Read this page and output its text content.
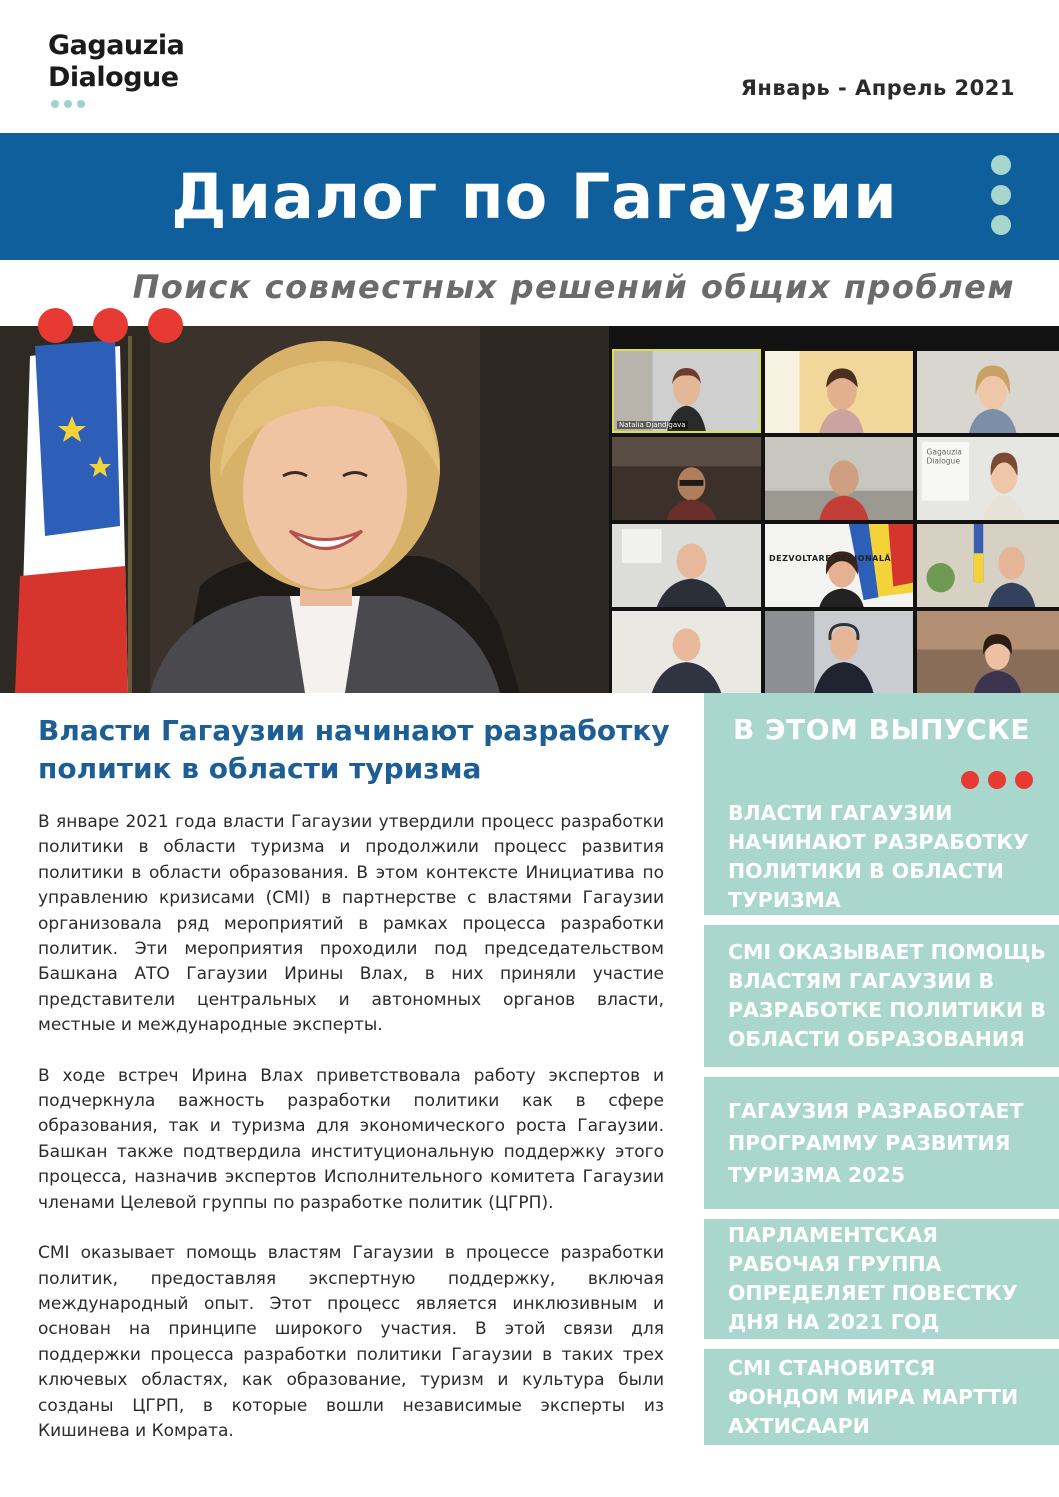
Gagauzia
Dialogue	Январь - Апрель 2021
Диалог по Гагаузии
Поиск совместных решений общих проблем
Natalia Djandjgava
Gagauzia
Dialogue
DEZVOLTARE REGIONALĂ
Власти Гагаузии начинают разработку политик в области туризма

В январе 2021 года власти Гагаузии утвердили процесс разработки политики в области туризма и продолжили процесс развития политики в области образования. В этом контексте Инициатива по управлению кризисами (CMI) в партнерстве с властями Гагаузии организовала ряд мероприятий в рамках процесса разработки политик. Эти мероприятия проходили под председательством Башкана АТО Гагаузии Ирины Влах, в них приняли участие представители центральных и автономных органов власти, местные и международные эксперты.

В ходе встреч Ирина Влах приветствовала работу экспертов и подчеркнула важность разработки политики как в сфере образования, так и туризма для экономического роста Гагаузии. Башкан также подтвердила институциональную поддержку этого процесса, назначив экспертов Исполнительного комитета Гагаузии членами Целевой группы по разработке политик (ЦГРП).

CMI оказывает помощь властям Гагаузии в процессе разработки политик, предоставляя экспертную поддержку, включая международный опыт. Этот процесс является инклюзивным и основан на принципе широкого участия. В этой связи для поддержки процесса разработки политики Гагаузии в таких трех ключевых областях, как образование, туризм и культура были созданы ЦГРП, в которые вошли независимые эксперты из Кишинева и Комрата.

В ЭТОМ ВЫПУСКЕ
ВЛАСТИ ГАГАУЗИИ НАЧИНАЮТ РАЗРАБОТКУ ПОЛИТИКИ В ОБЛАСТИ ТУРИЗМА
CMI ОКАЗЫВАЕТ ПОМОЩЬ ВЛАСТЯМ ГАГАУЗИИ В РАЗРАБОТКЕ ПОЛИТИКИ В ОБЛАСТИ ОБРАЗОВАНИЯ
ГАГАУЗИЯ РАЗРАБОТАЕТ ПРОГРАММУ РАЗВИТИЯ ТУРИЗМА 2025
ПАРЛАМЕНТСКАЯ РАБОЧАЯ ГРУППА ОПРЕДЕЛЯЕТ ПОВЕСТКУ ДНЯ НА 2021 ГОД
CMI СТАНОВИТСЯ ФОНДОМ МИРА МАРТТИ АХТИСААРИ
